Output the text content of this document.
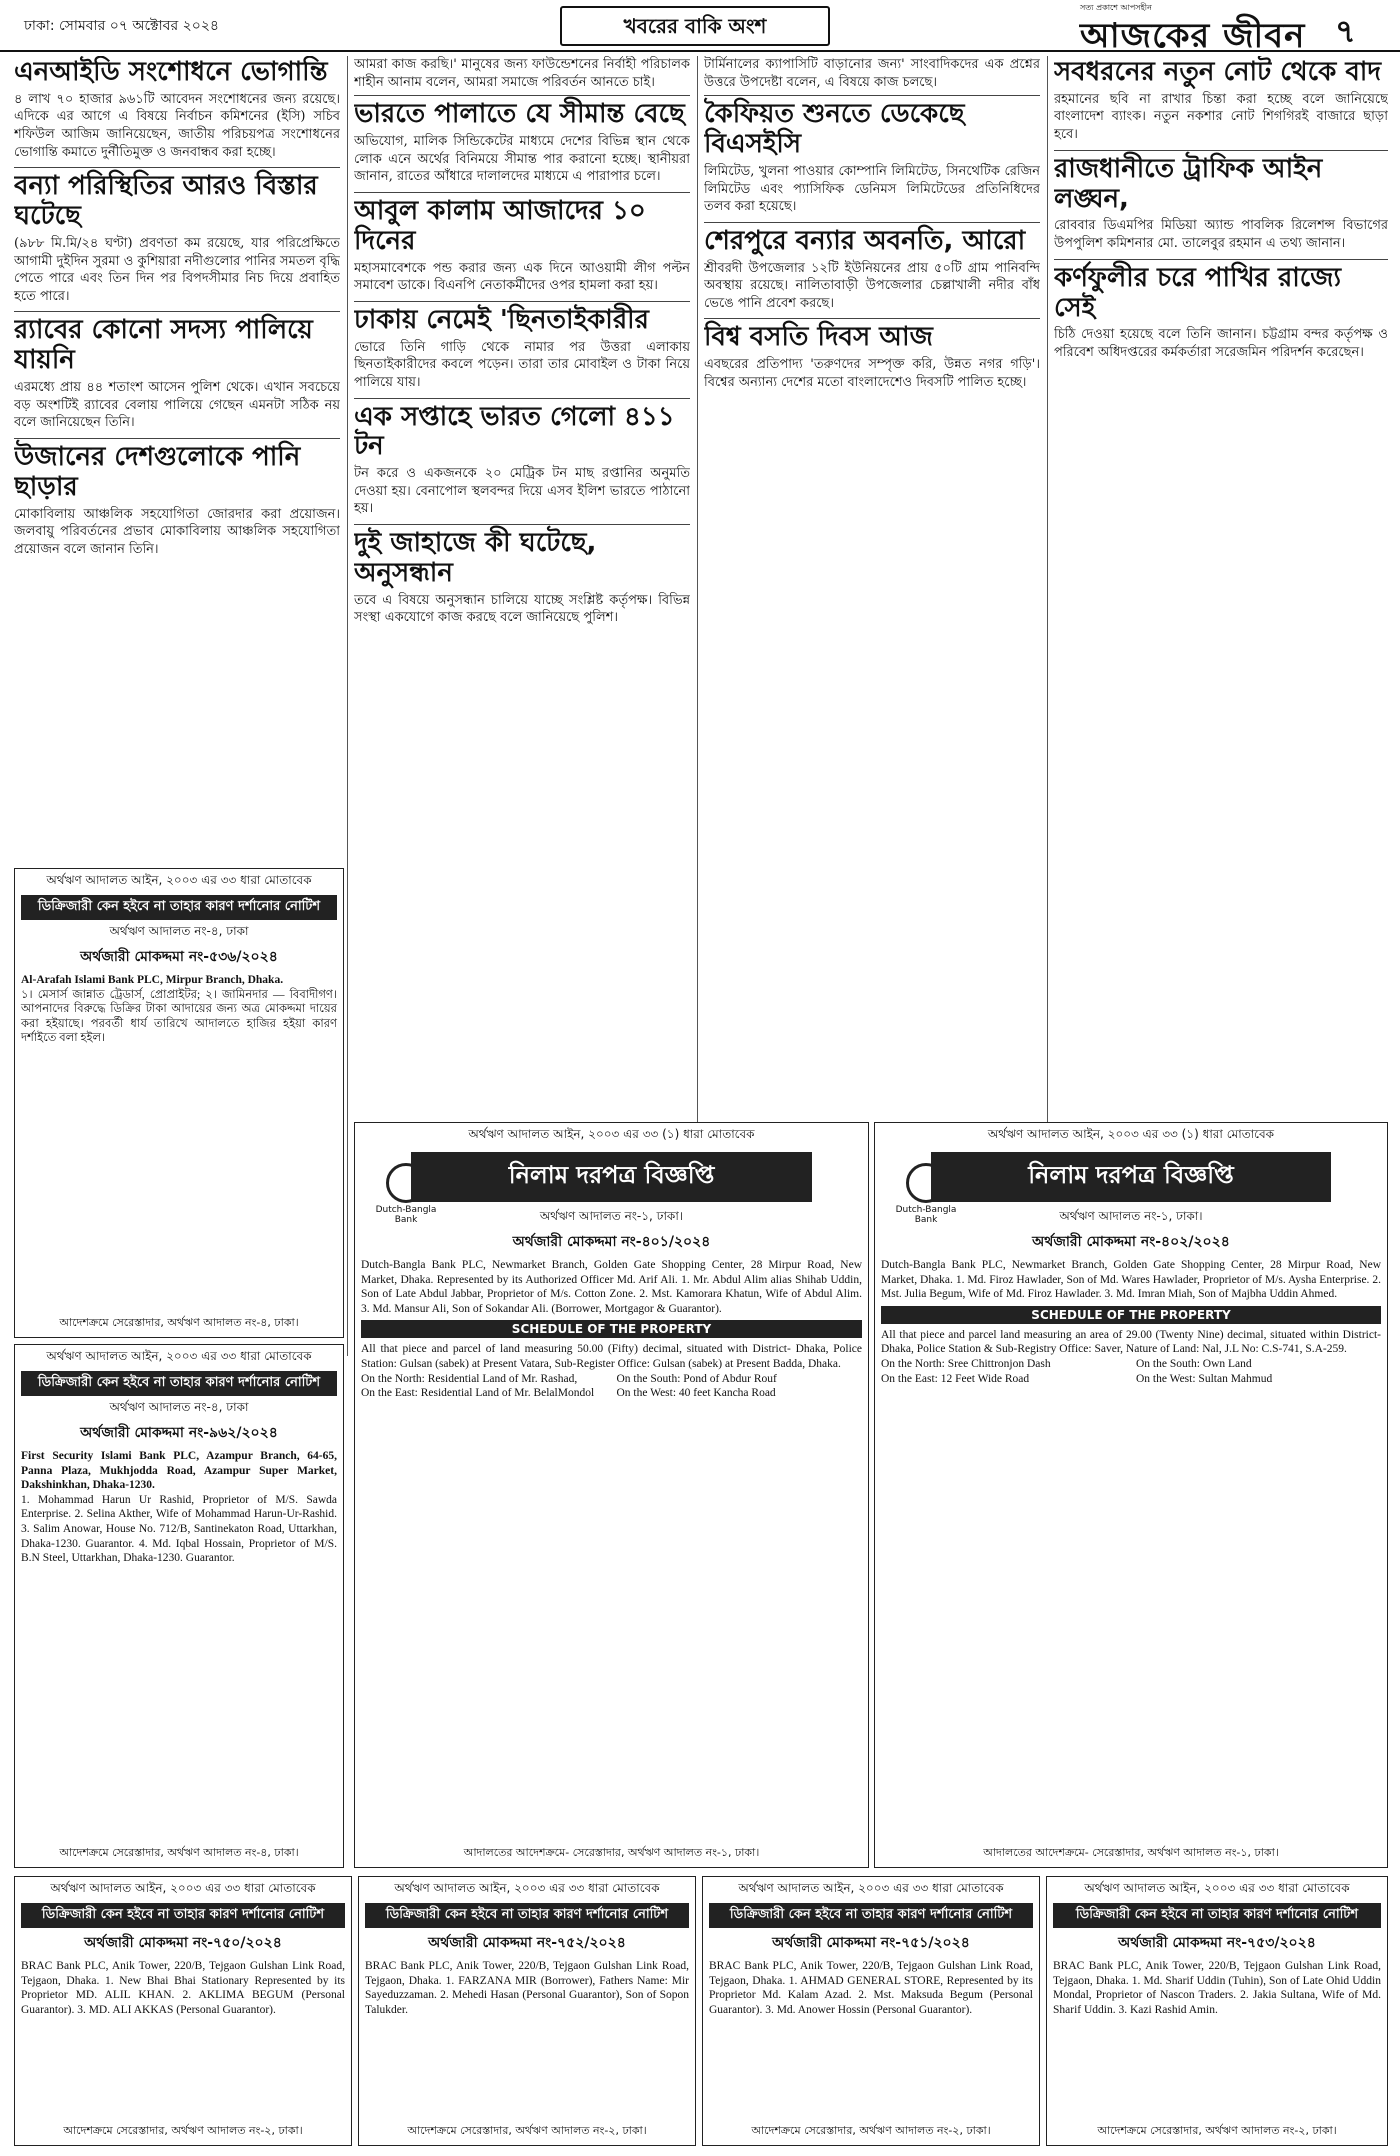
ঢাকা: সোমবার ০৭ অক্টোবর ২০২৪	খবরের বাকি অংশ
সত্য প্রকাশে আপসহীন
আজকের জীবন ৭
এনআইডি সংশোধনে ভোগান্তি
৪ লাখ ৭০ হাজার ৯৬১টি আবেদন সংশোধনের জন্য রয়েছে। এদিকে এর আগে এ বিষয়ে নির্বাচন কমিশনের (ইসি) সচিব শফিউল আজিম জানিয়েছেন, জাতীয় পরিচয়পত্র সংশোধনের ভোগান্তি কমাতে দুর্নীতিমুক্ত ও জনবান্ধব করা হচ্ছে।
বন্যা পরিস্থিতির আরও বিস্তার ঘটেছে
(৯৮৮ মি.মি/২৪ ঘণ্টা) প্রবণতা কম রয়েছে, যার পরিপ্রেক্ষিতে আগামী দুইদিন সুরমা ও কুশিয়ারা নদীগুলোর পানির সমতল বৃদ্ধি পেতে পারে এবং তিন দিন পর বিপদসীমার নিচ দিয়ে প্রবাহিত হতে পারে।
র‍্যাবের কোনো সদস্য পালিয়ে যায়নি
এরমধ্যে প্রায় ৪৪ শতাংশ আসেন পুলিশ থেকে। এখান সবচেয়ে বড় অংশটিই র‍্যাবের বেলায় পালিয়ে গেছেন এমনটা সঠিক নয় বলে জানিয়েছেন তিনি।
উজানের দেশগুলোকে পানি ছাড়ার
মোকাবিলায় আঞ্চলিক সহযোগিতা জোরদার করা প্রয়োজন। জলবায়ু পরিবর্তনের প্রভাব মোকাবিলায় আঞ্চলিক সহযোগিতা প্রয়োজন বলে জানান তিনি।
আমরা কাজ করছি।' মানুষের জন্য ফাউন্ডেশনের নির্বাহী পরিচালক শাহীন আনাম বলেন, আমরা সমাজে পরিবর্তন আনতে চাই।
ভারতে পালাতে যে সীমান্ত বেছে
অভিযোগ, মালিক সিন্ডিকেটের মাধ্যমে দেশের বিভিন্ন স্থান থেকে লোক এনে অর্থের বিনিময়ে সীমান্ত পার করানো হচ্ছে। স্থানীয়রা জানান, রাতের আঁধারে দালালদের মাধ্যমে এ পারাপার চলে।
আবুল কালাম আজাদের ১০ দিনের
মহাসমাবেশকে পন্ড করার জন্য এক দিনে আওয়ামী লীগ পল্টন সমাবেশ ডাকে। বিএনপি নেতাকর্মীদের ওপর হামলা করা হয়।
ঢাকায় নেমেই 'ছিনতাইকারীর
ভোরে তিনি গাড়ি থেকে নামার পর উত্তরা এলাকায় ছিনতাইকারীদের কবলে পড়েন। তারা তার মোবাইল ও টাকা নিয়ে পালিয়ে যায়।
এক সপ্তাহে ভারত গেলো ৪১১ টন
টন করে ও একজনকে ২০ মেট্রিক টন মাছ রপ্তানির অনুমতি দেওয়া হয়। বেনাপোল স্থলবন্দর দিয়ে এসব ইলিশ ভারতে পাঠানো হয়।
দুই জাহাজে কী ঘটেছে, অনুসন্ধান
তবে এ বিষয়ে অনুসন্ধান চালিয়ে যাচ্ছে সংশ্লিষ্ট কর্তৃপক্ষ। বিভিন্ন সংস্থা একযোগে কাজ করছে বলে জানিয়েছে পুলিশ।
টার্মিনালের ক্যাপাসিটি বাড়ানোর জন্য' সাংবাদিকদের এক প্রশ্নের উত্তরে উপদেষ্টা বলেন, এ বিষয়ে কাজ চলছে।
কৈফিয়ত শুনতে ডেকেছে বিএসইসি
লিমিটেড, খুলনা পাওয়ার কোম্পানি লিমিটেড, সিনথেটিক রেজিন লিমিটেড এবং প্যাসিফিক ডেনিমস লিমিটেডের প্রতিনিধিদের তলব করা হয়েছে।
শেরপুরে বন্যার অবনতি, আরো
শ্রীবরদী উপজেলার ১২টি ইউনিয়নের প্রায় ৫০টি গ্রাম পানিবন্দি অবস্থায় রয়েছে। নালিতাবাড়ী উপজেলার চেল্লাখালী নদীর বাঁধ ভেঙে পানি প্রবেশ করছে।
বিশ্ব বসতি দিবস আজ
এবছরের প্রতিপাদ্য 'তরুণদের সম্পৃক্ত করি, উন্নত নগর গড়ি'। বিশ্বের অন্যান্য দেশের মতো বাংলাদেশেও দিবসটি পালিত হচ্ছে।
সবধরনের নতুন নোট থেকে বাদ
রহমানের ছবি না রাখার চিন্তা করা হচ্ছে বলে জানিয়েছে বাংলাদেশ ব্যাংক। নতুন নকশার নোট শিগগিরই বাজারে ছাড়া হবে।
রাজধানীতে ট্রাফিক আইন লঙ্ঘন,
রোববার ডিএমপির মিডিয়া অ্যান্ড পাবলিক রিলেশন্স বিভাগের উপপুলিশ কমিশনার মো. তালেবুর রহমান এ তথ্য জানান।
কর্ণফুলীর চরে পাখির রাজ্যে সেই
চিঠি দেওয়া হয়েছে বলে তিনি জানান। চট্টগ্রাম বন্দর কর্তৃপক্ষ ও পরিবেশ অধিদপ্তরের কর্মকর্তারা সরেজমিন পরিদর্শন করেছেন।
অর্থঋণ আদালত আইন, ২০০৩ এর ৩৩ ধারা মোতাবেক
ডিক্রিজারী কেন হইবে না তাহার কারণ দর্শানোর নোটিশ
অর্থঋণ আদালত নং-৪, ঢাকা
অর্থজারী মোকদ্দমা নং-৫৩৬/২০২৪
Al-Arafah Islami Bank PLC, Mirpur Branch, Dhaka.
১। মেসার্স জান্নাত ট্রেডার্স, প্রোপ্রাইটর; ২। জামিনদার — বিবাদীগণ। আপনাদের বিরুদ্ধে ডিক্রির টাকা আদায়ের জন্য অত্র মোকদ্দমা দায়ের করা হইয়াছে। পরবর্তী ধার্য তারিখে আদালতে হাজির হইয়া কারণ দর্শাইতে বলা হইল।
আদেশক্রমে সেরেস্তাদার, অর্থঋণ আদালত নং-৪, ঢাকা।
অর্থঋণ আদালত আইন, ২০০৩ এর ৩৩ ধারা মোতাবেক
ডিক্রিজারী কেন হইবে না তাহার কারণ দর্শানোর নোটিশ
অর্থঋণ আদালত নং-৪, ঢাকা
অর্থজারী মোকদ্দমা নং-৯৬২/২০২৪
First Security Islami Bank PLC, Azampur Branch, 64-65, Panna Plaza, Mukhjodda Road, Azampur Super Market, Dakshinkhan, Dhaka-1230.
1. Mohammad Harun Ur Rashid, Proprietor of M/S. Sawda Enterprise. 2. Selina Akther, Wife of Mohammad Harun-Ur-Rashid. 3. Salim Anowar, House No. 712/B, Santinekaton Road, Uttarkhan, Dhaka-1230. Guarantor. 4. Md. Iqbal Hossain, Proprietor of M/S. B.N Steel, Uttarkhan, Dhaka-1230. Guarantor.
আদেশক্রমে সেরেস্তাদার, অর্থঋণ আদালত নং-৪, ঢাকা।
অর্থঋণ আদালত আইন, ২০০৩ এর ৩৩ (১) ধারা মোতাবেক
নিলাম দরপত্র বিজ্ঞপ্তি
Dutch-Bangla Bank	অর্থঋণ আদালত নং-১, ঢাকা।
অর্থজারী মোকদ্দমা নং-৪০১/২০২৪
Dutch-Bangla Bank PLC, Newmarket Branch, Golden Gate Shopping Center, 28 Mirpur Road, New Market, Dhaka. Represented by its Authorized Officer Md. Arif Ali. 1. Mr. Abdul Alim alias Shihab Uddin, Son of Late Abdul Jabbar, Proprietor of M/s. Cotton Zone. 2. Mst. Kamorara Khatun, Wife of Abdul Alim. 3. Md. Mansur Ali, Son of Sokandar Ali. (Borrower, Mortgagor & Guarantor).
SCHEDULE OF THE PROPERTY
All that piece and parcel of land measuring 50.00 (Fifty) decimal, situated with District- Dhaka, Police Station: Gulsan (sabek) at Present Vatara, Sub-Register Office: Gulsan (sabek) at Present Badda, Dhaka.
On the North: Residential Land of Mr. Rashad,	On the South: Pond of Abdur Rouf
On the East: Residential Land of Mr. BelalMondol	On the West: 40 feet Kancha Road
আদালতের আদেশক্রমে- সেরেস্তাদার, অর্থঋণ আদালত নং-১, ঢাকা।
অর্থঋণ আদালত আইন, ২০০৩ এর ৩৩ (১) ধারা মোতাবেক
নিলাম দরপত্র বিজ্ঞপ্তি
Dutch-Bangla Bank	অর্থঋণ আদালত নং-১, ঢাকা।
অর্থজারী মোকদ্দমা নং-৪০২/২০২৪
Dutch-Bangla Bank PLC, Newmarket Branch, Golden Gate Shopping Center, 28 Mirpur Road, New Market, Dhaka. 1. Md. Firoz Hawlader, Son of Md. Wares Hawlader, Proprietor of M/s. Aysha Enterprise. 2. Mst. Julia Begum, Wife of Md. Firoz Hawlader. 3. Md. Imran Miah, Son of Majbha Uddin Ahmed.
SCHEDULE OF THE PROPERTY
All that piece and parcel land measuring an area of 29.00 (Twenty Nine) decimal, situated within District- Dhaka, Police Station & Sub-Registry Office: Saver, Nature of Land: Nal, J.L No: C.S-741, S.A-259.
On the North: Sree Chittronjon Dash	On the South: Own Land
On the East: 12 Feet Wide Road	On the West: Sultan Mahmud
আদালতের আদেশক্রমে- সেরেস্তাদার, অর্থঋণ আদালত নং-১, ঢাকা।
অর্থঋণ আদালত আইন, ২০০৩ এর ৩৩ ধারা মোতাবেক
ডিক্রিজারী কেন হইবে না তাহার কারণ দর্শানোর নোটিশ
অর্থজারী মোকদ্দমা নং-৭৫০/২০২৪
BRAC Bank PLC, Anik Tower, 220/B, Tejgaon Gulshan Link Road, Tejgaon, Dhaka. 1. New Bhai Bhai Stationary Represented by its Proprietor MD. ALIL KHAN. 2. AKLIMA BEGUM (Personal Guarantor). 3. MD. ALI AKKAS (Personal Guarantor).
আদেশক্রমে সেরেস্তাদার, অর্থঋণ আদালত নং-২, ঢাকা।
অর্থঋণ আদালত আইন, ২০০৩ এর ৩৩ ধারা মোতাবেক
ডিক্রিজারী কেন হইবে না তাহার কারণ দর্শানোর নোটিশ
অর্থজারী মোকদ্দমা নং-৭৫২/২০২৪
BRAC Bank PLC, Anik Tower, 220/B, Tejgaon Gulshan Link Road, Tejgaon, Dhaka. 1. FARZANA MIR (Borrower), Fathers Name: Mir Sayeduzzaman. 2. Mehedi Hasan (Personal Guarantor), Son of Sopon Talukder.
আদেশক্রমে সেরেস্তাদার, অর্থঋণ আদালত নং-২, ঢাকা।
অর্থঋণ আদালত আইন, ২০০৩ এর ৩৩ ধারা মোতাবেক
ডিক্রিজারী কেন হইবে না তাহার কারণ দর্শানোর নোটিশ
অর্থজারী মোকদ্দমা নং-৭৫১/২০২৪
BRAC Bank PLC, Anik Tower, 220/B, Tejgaon Gulshan Link Road, Tejgaon, Dhaka. 1. AHMAD GENERAL STORE, Represented by its Proprietor Md. Kalam Azad. 2. Mst. Maksuda Begum (Personal Guarantor). 3. Md. Anower Hossin (Personal Guarantor).
আদেশক্রমে সেরেস্তাদার, অর্থঋণ আদালত নং-২, ঢাকা।
অর্থঋণ আদালত আইন, ২০০৩ এর ৩৩ ধারা মোতাবেক
ডিক্রিজারী কেন হইবে না তাহার কারণ দর্শানোর নোটিশ
অর্থজারী মোকদ্দমা নং-৭৫৩/২০২৪
BRAC Bank PLC, Anik Tower, 220/B, Tejgaon Gulshan Link Road, Tejgaon, Dhaka. 1. Md. Sharif Uddin (Tuhin), Son of Late Ohid Uddin Mondal, Proprietor of Nascon Traders. 2. Jakia Sultana, Wife of Md. Sharif Uddin. 3. Kazi Rashid Amin.
আদেশক্রমে সেরেস্তাদার, অর্থঋণ আদালত নং-২, ঢাকা।
